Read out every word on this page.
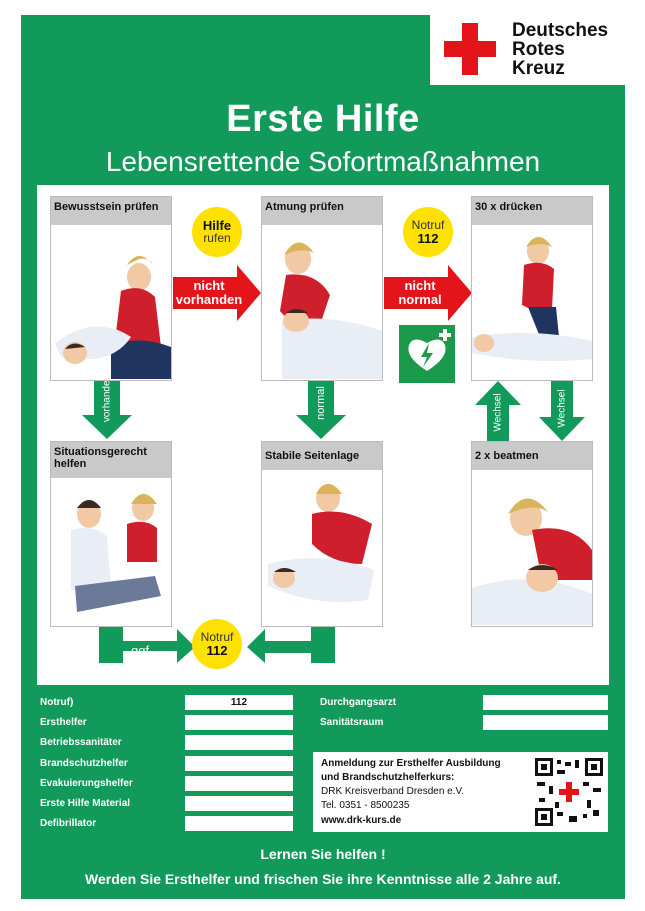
Deutsches
Rotes
Kreuz
Erste Hilfe
Lebensrettende Sofortmaßnahmen
Bewusstsein prüfen
Hilfe
rufen
nicht
vorhanden
Atmung prüfen
Notruf
112
nicht
normal
30 x drücken
vorhanden	normal	Wechsel	Wechsel
Situationsgerecht helfen
Stabile Seitenlage	2 x beatmen
ggf.
Notruf
112
Notruf)	112
Ersthelfer
Betriebssanitäter
Brandschutzhelfer
Evakuierungshelfer
Erste Hilfe Material
Defibrillator
Durchgangsarzt
Sanitätsraum
Anmeldung zur Ersthelfer Ausbildung
und Brandschutzhelferkurs:
DRK Kreisverband Dresden e.V.
Tel. 0351 - 8500235
www.drk-kurs.de
Lernen Sie helfen !
Werden Sie Ersthelfer und frischen Sie ihre Kenntnisse alle 2 Jahre auf.
